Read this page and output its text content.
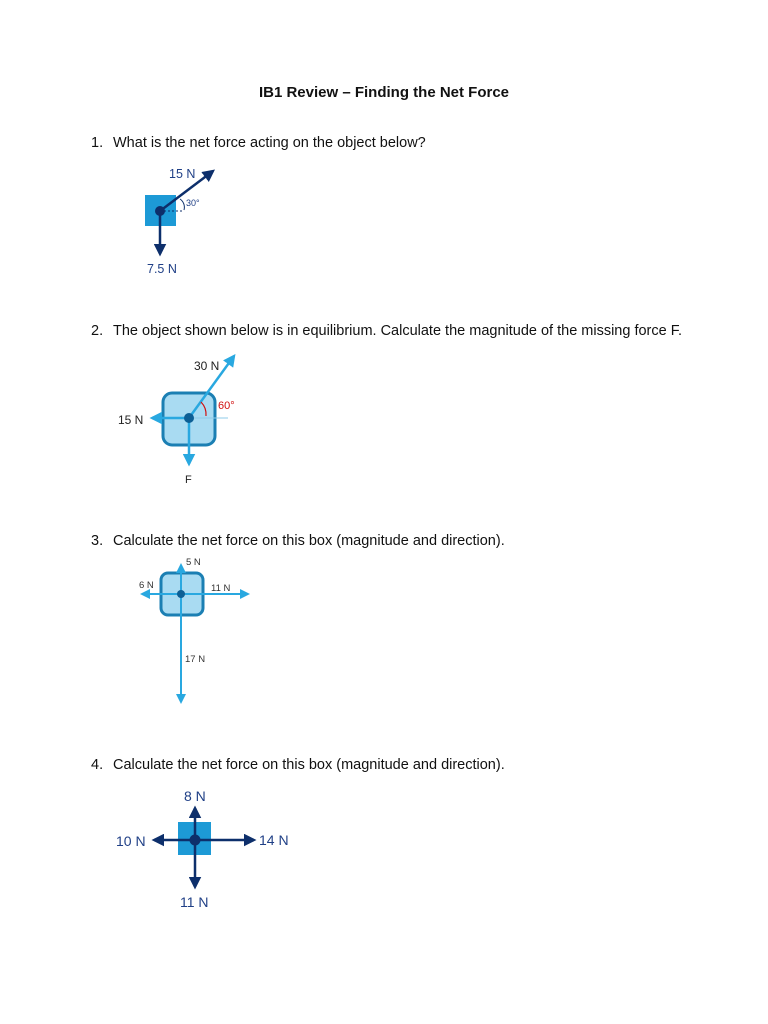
IB1 Review – Finding the Net Force
1. What is the net force acting on the object below?
15 N
30°
7.5 N
2. The object shown below is in equilibrium. Calculate the magnitude of the missing force F.
30 N
60°
15 N
F
3. Calculate the net force on this box (magnitude and direction).
5 N
6 N	11 N
17 N
4. Calculate the net force on this box (magnitude and direction).
8 N
10 N	14 N
11 N
